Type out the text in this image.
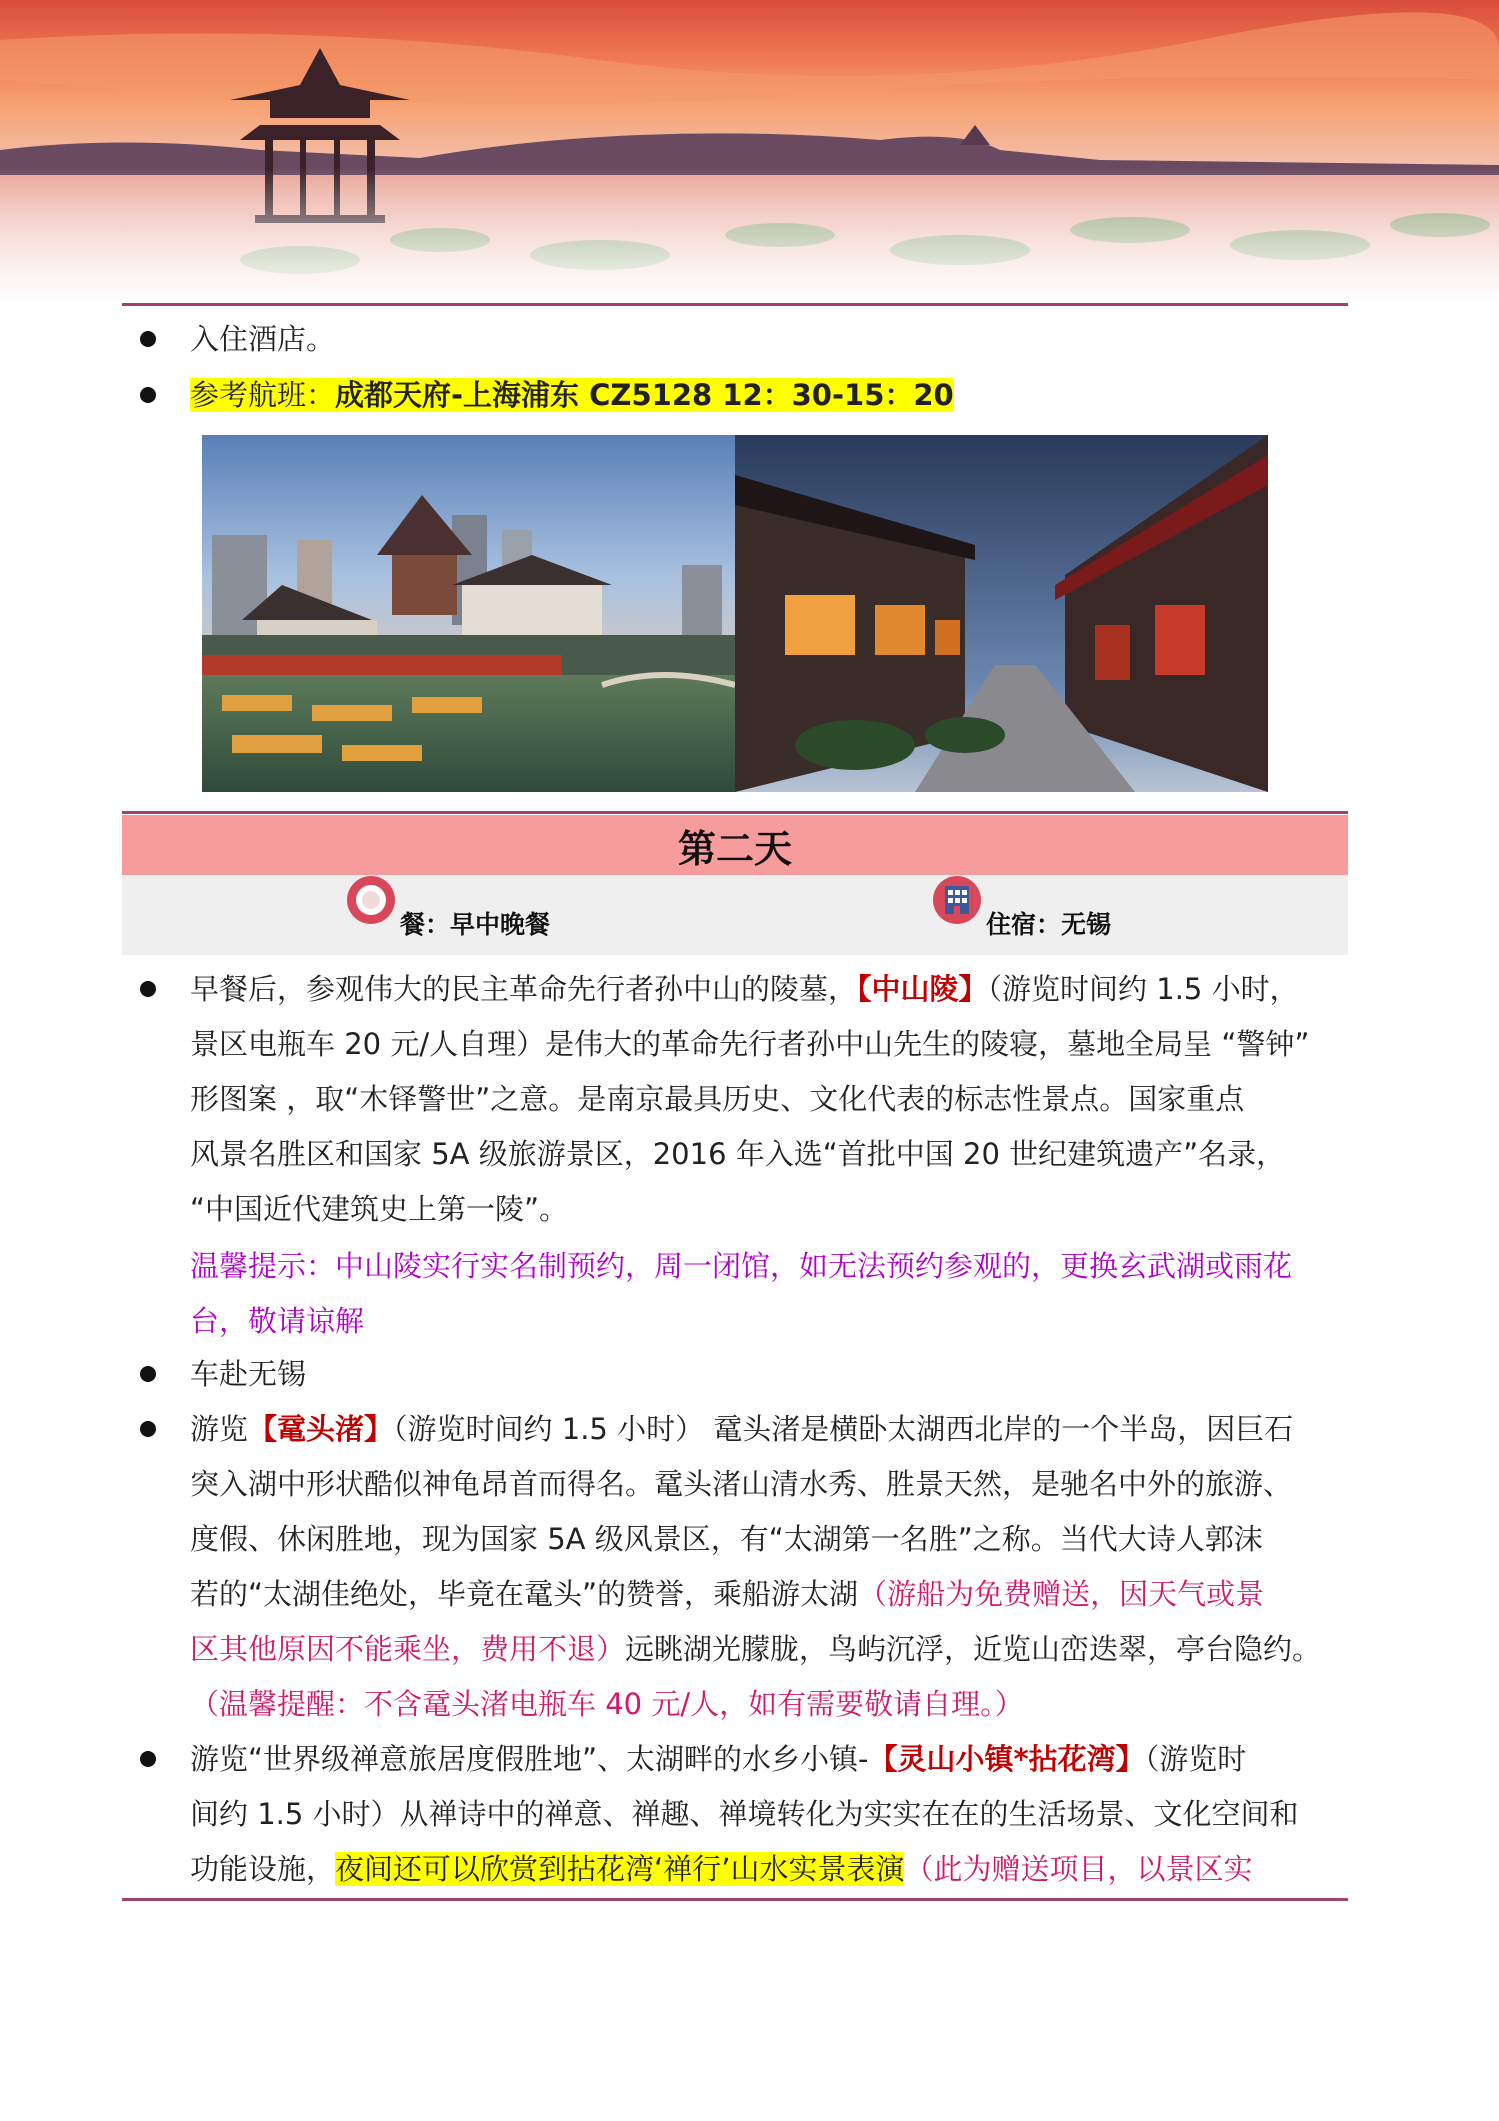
入住酒店。
参考航班：成都天府-上海浦东 CZ5128 12：30-15：20
第二天
餐：早中晚餐	住宿：无锡
早餐后，参观伟大的民主革命先行者孙中山的陵墓，【中山陵】（游览时间约 1.5 小时，
景区电瓶车 20 元/人自理）是伟大的革命先行者孙中山先生的陵寝，墓地全局呈 “警钟”
形图案 ，取“木铎警世”之意。是南京最具历史、文化代表的标志性景点。国家重点
风景名胜区和国家 5A 级旅游景区，2016 年入选“首批中国 20 世纪建筑遗产”名录，
“中国近代建筑史上第一陵”。
温馨提示：中山陵实行实名制预约，周一闭馆，如无法预约参观的，更换玄武湖或雨花
台，敬请谅解
车赴无锡
游览【鼋头渚】（游览时间约 1.5 小时） 鼋头渚是横卧太湖西北岸的一个半岛，因巨石
突入湖中形状酷似神龟昂首而得名。鼋头渚山清水秀、胜景天然，是驰名中外的旅游、
度假、休闲胜地，现为国家 5A 级风景区，有“太湖第一名胜”之称。当代大诗人郭沫
若的“太湖佳绝处，毕竟在鼋头”的赞誉，乘船游太湖（游船为免费赠送，因天气或景
区其他原因不能乘坐，费用不退）远眺湖光朦胧，鸟屿沉浮，近览山峦迭翠，亭台隐约。
（温馨提醒：不含鼋头渚电瓶车 40 元/人，如有需要敬请自理。）
游览“世界级禅意旅居度假胜地”、太湖畔的水乡小镇-【灵山小镇*拈花湾】（游览时
间约 1.5 小时）从禅诗中的禅意、禅趣、禅境转化为实实在在的生活场景、文化空间和
功能设施，夜间还可以欣赏到拈花湾‘禅行’山水实景表演（此为赠送项目，以景区实
